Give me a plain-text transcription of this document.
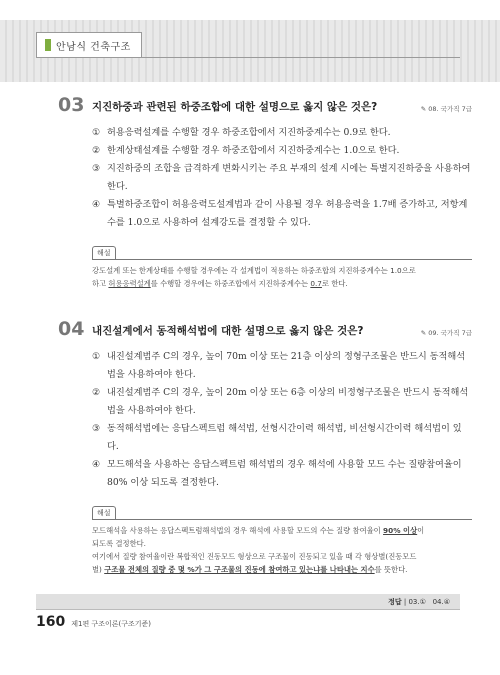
안남식 건축구조
03 지진하중과 관련된 하중조합에 대한 설명으로 옳지 않은 것은?	✎ 08. 국가직 7급
① 허용응력설계를 수행할 경우 하중조합에서 지진하중계수는 0.9로 한다.
② 한계상태설계를 수행할 경우 하중조합에서 지진하중계수는 1.0으로 한다.
③ 지진하중의 조합을 급격하게 변화시키는 주요 부재의 설계 시에는 특별지진하중을 사용하여 한다.
④ 특별하중조합이 허용응력도설계법과 같이 사용될 경우 허용응력을 1.7배 증가하고, 저항계수를 1.0으로 사용하여 설계강도를 결정할 수 있다.
해설
강도설계 또는 한계상태를 수행할 경우에는 각 설계법이 적용하는 하중조합의 지진하중계수는 1.0으로
하고 허용응력설계를 수행할 경우에는 하중조합에서 지진하중계수는 0.7로 한다.
04 내진설계에서 동적해석법에 대한 설명으로 옳지 않은 것은?	✎ 09. 국가직 7급
① 내진설계범주 C의 경우, 높이 70m 이상 또는 21층 이상의 정형구조물은 반드시 동적해석법을 사용하여야 한다.
② 내진설계범주 C의 경우, 높이 20m 이상 또는 6층 이상의 비정형구조물은 반드시 동적해석법을 사용하여야 한다.
③ 동적해석법에는 응답스펙트럼 해석법, 선형시간이력 해석법, 비선형시간이력 해석법이 있다.
④ 모드해석을 사용하는 응답스펙트럼 해석법의 경우 해석에 사용할 모드 수는 질량참여율이 80% 이상 되도록 결정한다.
해설
모드해석을 사용하는 응답스펙트럼해석법의 경우 해석에 사용할 모드의 수는 질량 참여율이 90% 이상이
되도록 결정한다.
여기에서 질량 참여율이란 복합적인 진동모드 형상으로 구조물이 진동되고 있을 때 각 형상별(진동모드
별) 구조물 전체의 질량 중 몇 %가 그 구조물의 진동에 참여하고 있는냐를 나타내는 지수를 뜻한다.
정답 | 03.① 04.④
160 제1편 구조이론(구조기준)
